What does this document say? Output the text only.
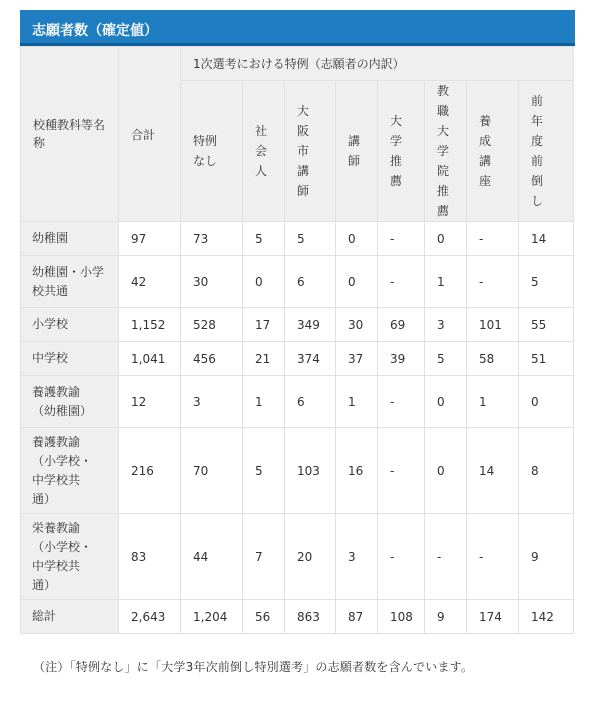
志願者数（確定値）
校種教科等名称	合計	1次選考における特例（志願者の内訳）							
		特例なし	社会人	大阪市講師	講師	大学推薦	教職大学院推薦	養成講座	前年度前倒し
幼稚園	97	73	5	5	0	-	0	-	14
幼稚園・小学校共通	42	30	0	6	0	-	1	-	5
小学校	1,152	528	17	349	30	69	3	101	55
中学校	1,041	456	21	374	37	39	5	58	51
養護教諭（幼稚園）	12	3	1	6	1	-	0	1	0
養護教諭（小学校・中学校共通）	216	70	5	103	16	-	0	14	8
栄養教諭（小学校・中学校共通）	83	44	7	20	3	-	-	-	9
総計	2,643	1,204	56	863	87	108	9	174	142
（注）「特例なし」に「大学3年次前倒し特別選考」の志願者数を含んでいます。
